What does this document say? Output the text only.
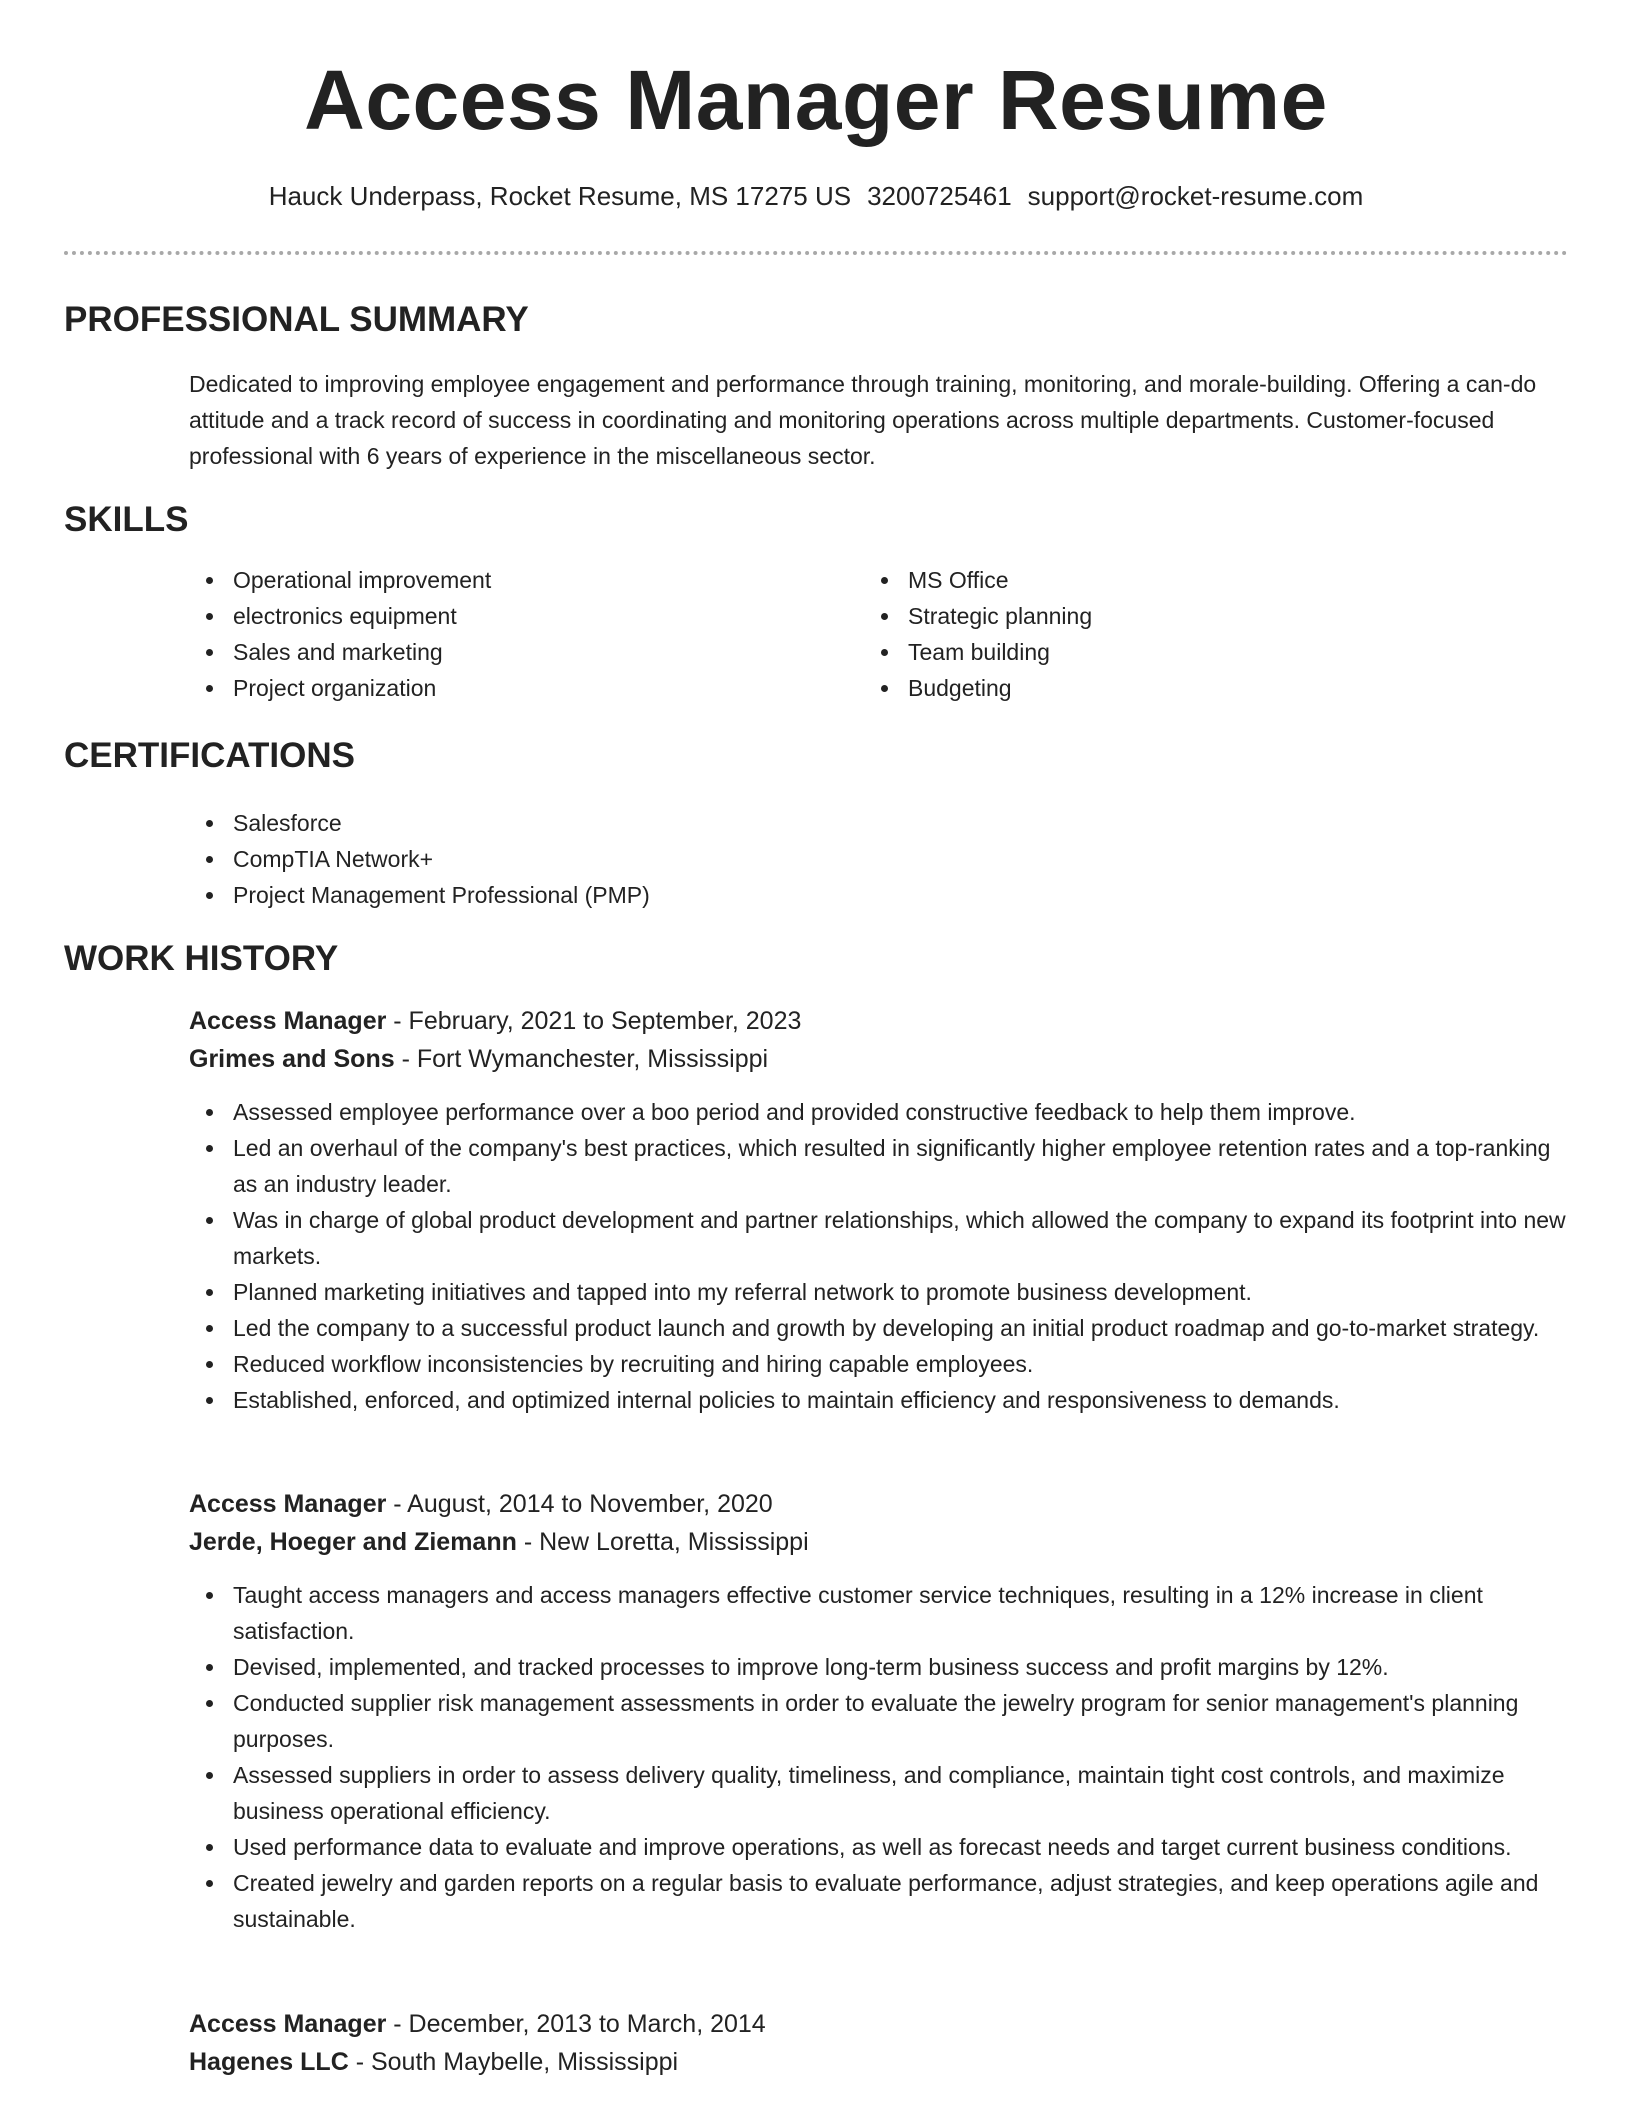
Access Manager Resume
Hauck Underpass, Rocket Resume, MS 17275 US 3200725461 support@rocket-resume.com
PROFESSIONAL SUMMARY

Dedicated to improving employee engagement and performance through training, monitoring, and morale-building. Offering a can-do attitude and a track record of success in coordinating and monitoring operations across multiple departments. Customer-focused professional with 6 years of experience in the miscellaneous sector.

SKILLS
Operational improvement
electronics equipment
Sales and marketing
Project organization
MS Office
Strategic planning
Team building
Budgeting
CERTIFICATIONS
Salesforce
CompTIA Network+
Project Management Professional (PMP)
WORK HISTORY
Access Manager - February, 2021 to September, 2023
Grimes and Sons - Fort Wymanchester, Mississippi
Assessed employee performance over a boo period and provided constructive feedback to help them improve.
Led an overhaul of the company's best practices, which resulted in significantly higher employee retention rates and a top-ranking as an industry leader.
Was in charge of global product development and partner relationships, which allowed the company to expand its footprint into new markets.
Planned marketing initiatives and tapped into my referral network to promote business development.
Led the company to a successful product launch and growth by developing an initial product roadmap and go-to-market strategy.
Reduced workflow inconsistencies by recruiting and hiring capable employees.
Established, enforced, and optimized internal policies to maintain efficiency and responsiveness to demands.
Access Manager - August, 2014 to November, 2020
Jerde, Hoeger and Ziemann - New Loretta, Mississippi
Taught access managers and access managers effective customer service techniques, resulting in a 12% increase in client satisfaction.
Devised, implemented, and tracked processes to improve long-term business success and profit margins by 12%.
Conducted supplier risk management assessments in order to evaluate the jewelry program for senior management's planning purposes.
Assessed suppliers in order to assess delivery quality, timeliness, and compliance, maintain tight cost controls, and maximize business operational efficiency.
Used performance data to evaluate and improve operations, as well as forecast needs and target current business conditions.
Created jewelry and garden reports on a regular basis to evaluate performance, adjust strategies, and keep operations agile and sustainable.
Access Manager - December, 2013 to March, 2014
Hagenes LLC - South Maybelle, Mississippi
